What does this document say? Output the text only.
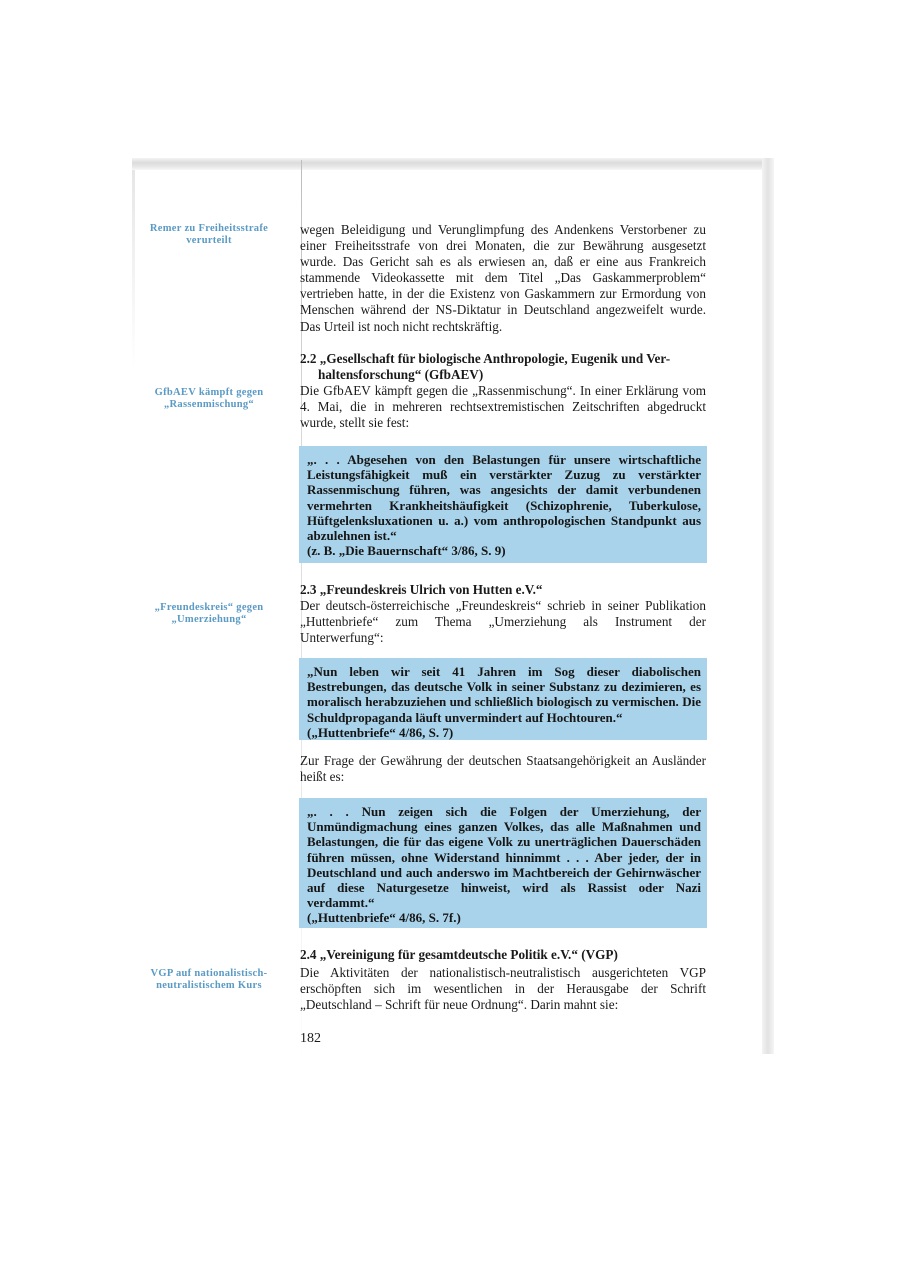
Remer zu Freiheitsstrafe verurteilt
GfbAEV kämpft gegen „Rassenmischung“
„Freundeskreis“ gegen „Umerziehung“
VGP auf nationalistisch-neutralistischem Kurs

wegen Beleidigung und Verunglimpfung des Andenkens Verstorbener zu einer Freiheitsstrafe von drei Monaten, die zur Bewährung ausgesetzt wurde. Das Gericht sah es als erwiesen an, daß er eine aus Frankreich stammende Videokassette mit dem Titel „Das Gaskammerproblem“ vertrieben hatte, in der die Existenz von Gaskammern zur Ermordung von Menschen während der NS-Diktatur in Deutschland angezweifelt wurde. Das Urteil ist noch nicht rechtskräftig.

2.2 „Gesellschaft für biologische Anthropologie, Eugenik und Ver-
haltensforschung“ (GfbAEV)

Die GfbAEV kämpft gegen die „Rassenmischung“. In einer Erklärung vom 4. Mai, die in mehreren rechtsextremistischen Zeitschriften abgedruckt wurde, stellt sie fest:

„. . . Abgesehen von den Belastungen für unsere wirtschaftliche Leistungsfähigkeit muß ein verstärkter Zuzug zu verstärkter Rassenmischung führen, was angesichts der damit verbundenen vermehrten Krankheitshäufigkeit (Schizophrenie, Tuberkulose, Hüftgelenksluxationen u. a.) vom anthropologischen Standpunkt aus abzulehnen ist.“
(z. B. „Die Bauernschaft“ 3/86, S. 9)
2.3 „Freundeskreis Ulrich von Hutten e.V.“

Der deutsch-österreichische „Freundeskreis“ schrieb in seiner Publikation „Huttenbriefe“ zum Thema „Umerziehung als Instrument der Unterwerfung“:

„Nun leben wir seit 41 Jahren im Sog dieser diabolischen Bestrebungen, das deutsche Volk in seiner Substanz zu dezimieren, es moralisch herabzuziehen und schließlich biologisch zu vermischen. Die Schuldpropaganda läuft unvermindert auf Hochtouren.“
(„Huttenbriefe“ 4/86, S. 7)

Zur Frage der Gewährung der deutschen Staatsangehörigkeit an Ausländer heißt es:

„. . . Nun zeigen sich die Folgen der Umerziehung, der Unmündigmachung eines ganzen Volkes, das alle Maßnahmen und Belastungen, die für das eigene Volk zu unerträglichen Dauerschäden führen müssen, ohne Widerstand hinnimmt . . . Aber jeder, der in Deutschland und auch anderswo im Machtbereich der Gehirnwäscher auf diese Naturgesetze hinweist, wird als Rassist oder Nazi verdammt.“
(„Huttenbriefe“ 4/86, S. 7f.)
2.4 „Vereinigung für gesamtdeutsche Politik e.V.“ (VGP)

Die Aktivitäten der nationalistisch-neutralistisch ausgerichteten VGP erschöpften sich im wesentlichen in der Herausgabe der Schrift „Deutschland – Schrift für neue Ordnung“. Darin mahnt sie:

182
